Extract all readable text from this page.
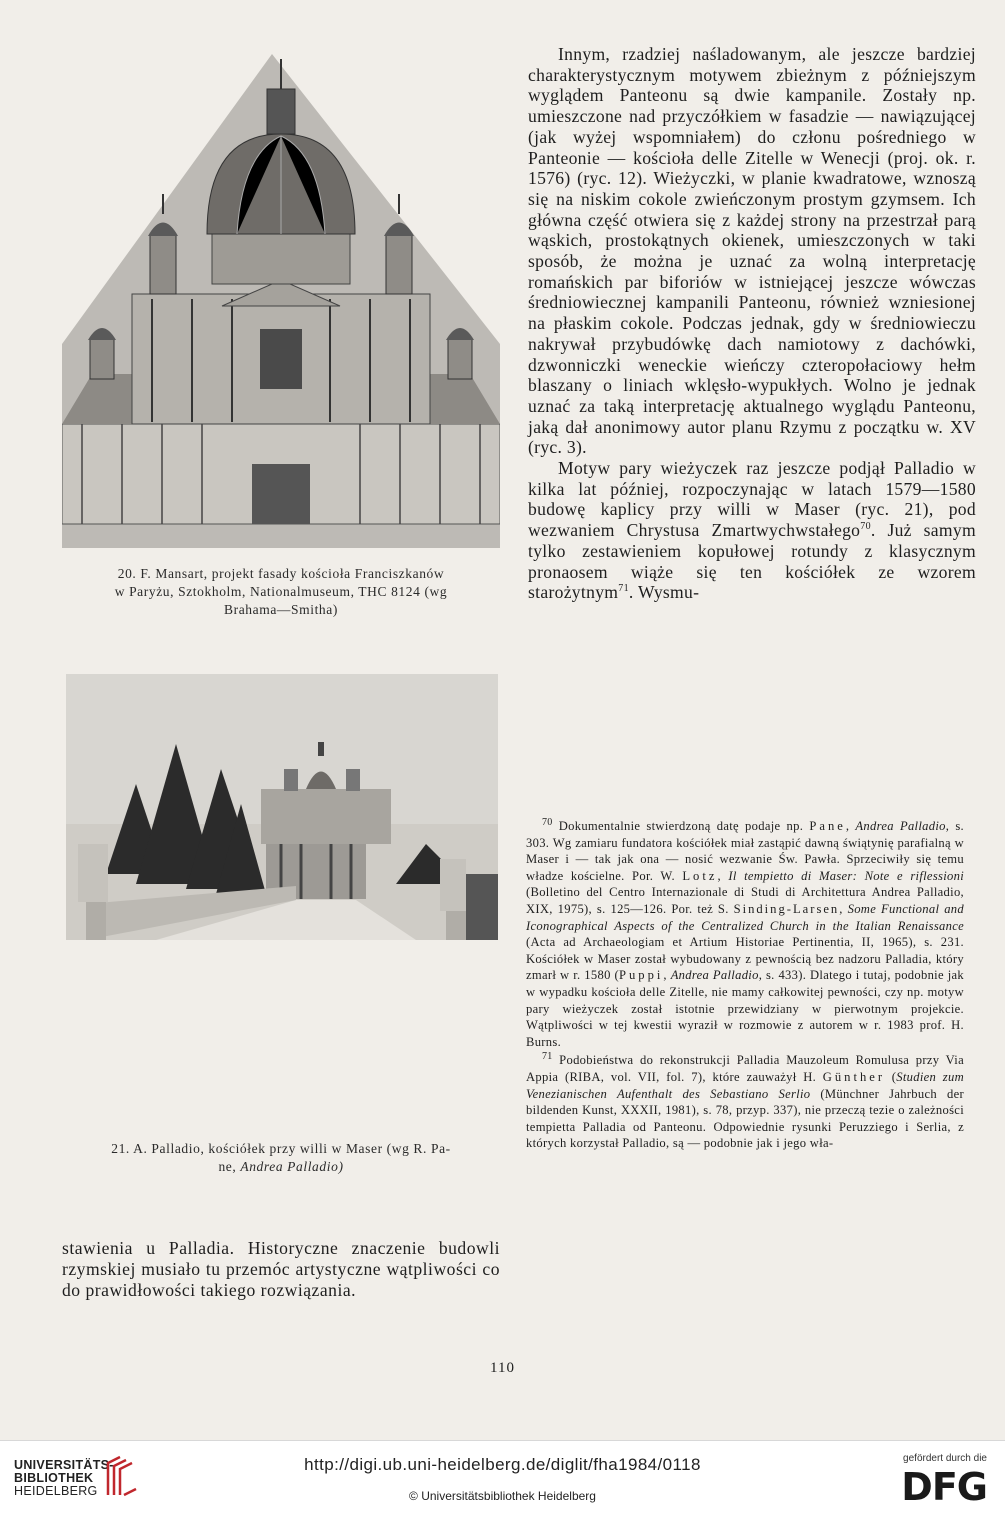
20. F. Mansart, projekt fasady kościoła Franciszkanów
w Paryżu, Sztokholm, Nationalmuseum, THC 8124 (wg
Brahama—Smitha)
21. A. Palladio, kościółek przy willi w Maser (wg R. Pa-
ne, Andrea Palladio)

Innym, rzadziej naśladowanym, ale jeszcze bardziej charakterystycznym motywem zbieżnym z późniejszym wyglądem Panteonu są dwie kampanile. Zostały np. umieszczone nad przyczółkiem w fasadzie — nawiązującej (jak wyżej wspomniałem) do członu pośredniego w Panteonie — kościoła delle Zitelle w Wenecji (proj. ok. r. 1576) (ryc. 12). Wieżyczki, w planie kwadratowe, wznoszą się na niskim cokole zwieńczonym prostym gzymsem. Ich główna część otwiera się z każdej strony na przestrzał parą wąskich, prostokątnych okienek, umieszczonych w taki sposób, że można je uznać za wolną interpretację romańskich par biforiów w istniejącej jeszcze wówczas średniowiecznej kampanili Panteonu, również wzniesionej na płaskim cokole. Podczas jednak, gdy w średniowieczu nakrywał przybudówkę dach namiotowy z dachówki, dzwonniczki weneckie wieńczy czteropołaciowy hełm blaszany o liniach wklęsło-wypukłych. Wolno je jednak uznać za taką interpretację aktualnego wyglądu Panteonu, jaką dał anonimowy autor planu Rzymu z początku w. XV (ryc. 3).

Motyw pary wieżyczek raz jeszcze podjął Palladio w kilka lat później, rozpoczynając w latach 1579—1580 budowę kaplicy przy willi w Maser (ryc. 21), pod wezwaniem Chrystusa Zmartwychwstałego$^{70}$. Już samym tylko zestawieniem kopułowej rotundy z klasycznym pronaosem wiąże się ten kościółek ze wzorem starożytnym$^{71}$. Wysmu-

stawienia u Palladia. Historyczne znaczenie budowli rzymskiej musiało tu przemóc artystyczne wątpliwości co do prawidłowości takiego rozwiązania.

$^{70}$ Dokumentalnie stwierdzoną datę podaje np. Pane, Andrea Palladio, s. 303. Wg zamiaru fundatora kościółek miał zastąpić dawną świątynię parafialną w Maser i — tak jak ona — nosić wezwanie Św. Pawła. Sprzeciwiły się temu władze kościelne. Por. W. Lotz, Il tempietto di Maser: Note e riflessioni (Bolletino del Centro Internazionale di Studi di Architettura Andrea Palladio, XIX, 1975), s. 125—126. Por. też S. Sinding-Larsen, Some Functional and Iconographical Aspects of the Centralized Church in the Italian Renaissance (Acta ad Archaeologiam et Artium Historiae Pertinentia, II, 1965), s. 231. Kościółek w Maser został wybudowany z pewnością bez nadzoru Palladia, który zmarł w r. 1580 (Puppi, Andrea Palladio, s. 433). Dlatego i tutaj, podobnie jak w wypadku kościoła delle Zitelle, nie mamy całkowitej pewności, czy np. motyw pary wieżyczek został istotnie przewidziany w pierwotnym projekcie. Wątpliwości w tej kwestii wyraził w rozmowie z autorem w r. 1983 prof. H. Burns.

$^{71}$ Podobieństwa do rekonstrukcji Palladia Mauzoleum Romulusa przy Via Appia (RIBA, vol. VII, fol. 7), które zauważył H. Günther (Studien zum Venezianischen Aufenthalt des Sebastiano Serlio (Münchner Jahrbuch der bildenden Kunst, XXXII, 1981), s. 78, przyp. 337), nie przeczą tezie o zależności tempietta Palladia od Panteonu. Odpowiednie rysunki Peruzziego i Serlia, z których korzystał Palladio, są — podobnie jak i jego wła-

110
UNIVERSITÄTS-
BIBLIOTHEK
HEIDELBERG
http://digi.ub.uni-heidelberg.de/diglit/fha1984/0118
© Universitätsbibliothek Heidelberg
gefördert durch die
DFG
